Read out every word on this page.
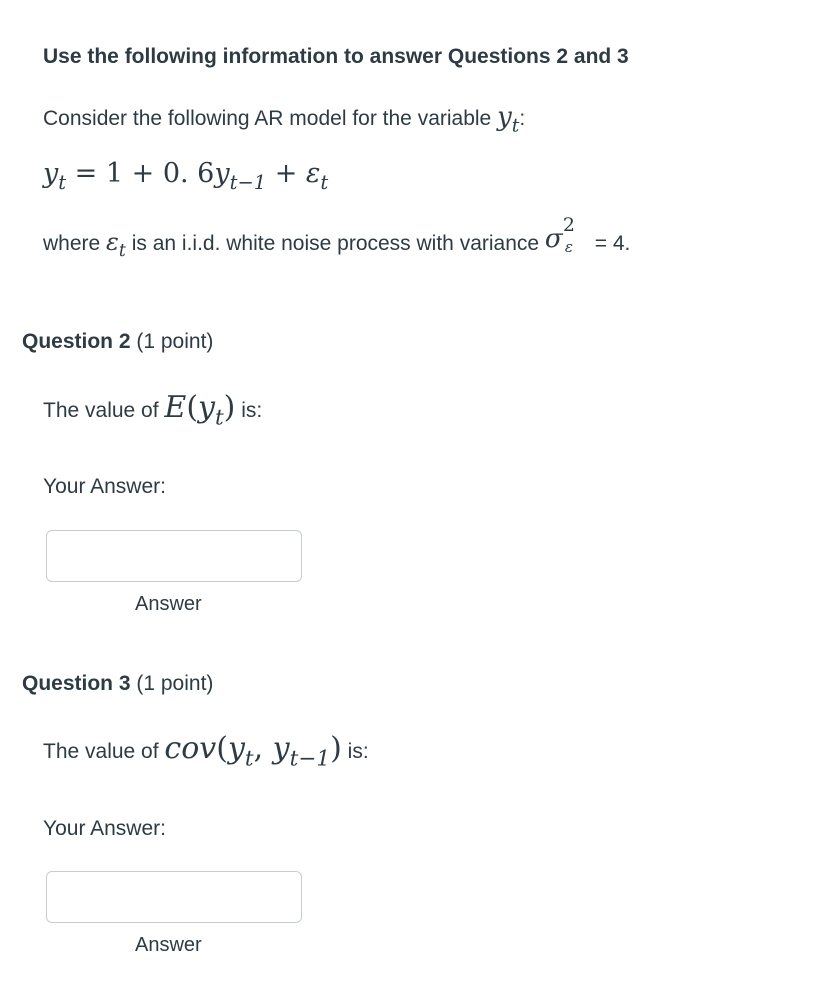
Use the following information to answer Questions 2 and 3
Consider the following AR model for the variable $y_t$:
$y_t = 1 + 0$. $6y_{t-1} + \varepsilon_t$
where $\varepsilon_t$ is an i.i.d. white noise process with variance σ 2
ε = 4.
Question 2 (1 point)
The value of $E(y_t)$ is:
Your Answer:
Answer
Question 3 (1 point)
The value of $cov(y_t$, $y_{t-1}$) is:
Your Answer:
Answer
